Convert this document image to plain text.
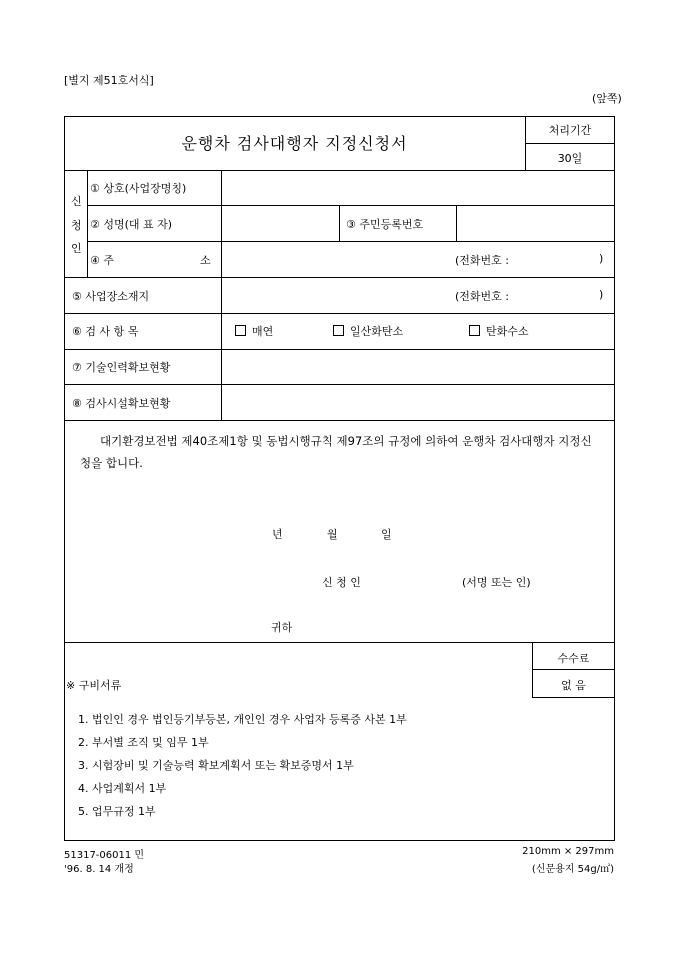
[별지 제51호서식]
(앞쪽)
운행차 검사대행자 지정신청서
처리기간
30일
신
청
인
① 상호(사업장명칭)
② 성명(대 표 자)	③ 주민등록번호
④ 주	소	(전화번호 :	)
⑤ 사업장소재지	(전화번호 :	)
⑥ 검 사 항 목	매연	일산화탄소	탄화수소
⑦ 기술인력확보현황
⑧ 검사시설확보현황
대기환경보전법 제40조제1항 및 동법시행규칙 제97조의 규정에 의하여 운행차 검사대행자 지정신청을 합니다.
년	월	일
신 청 인	(서명 또는 인)
귀하
수수료
없 음
※ 구비서류
1. 법인인 경우 법인등기부등본, 개인인 경우 사업자 등록증 사본 1부
2. 부서별 조직 및 임무 1부
3. 시험장비 및 기술능력 확보계획서 또는 확보증명서 1부
4. 사업계획서 1부
5. 업무규정 1부
51317-06011 민
'96. 8. 14 개정
210mm × 297mm
(신문용지 54g/㎡)
